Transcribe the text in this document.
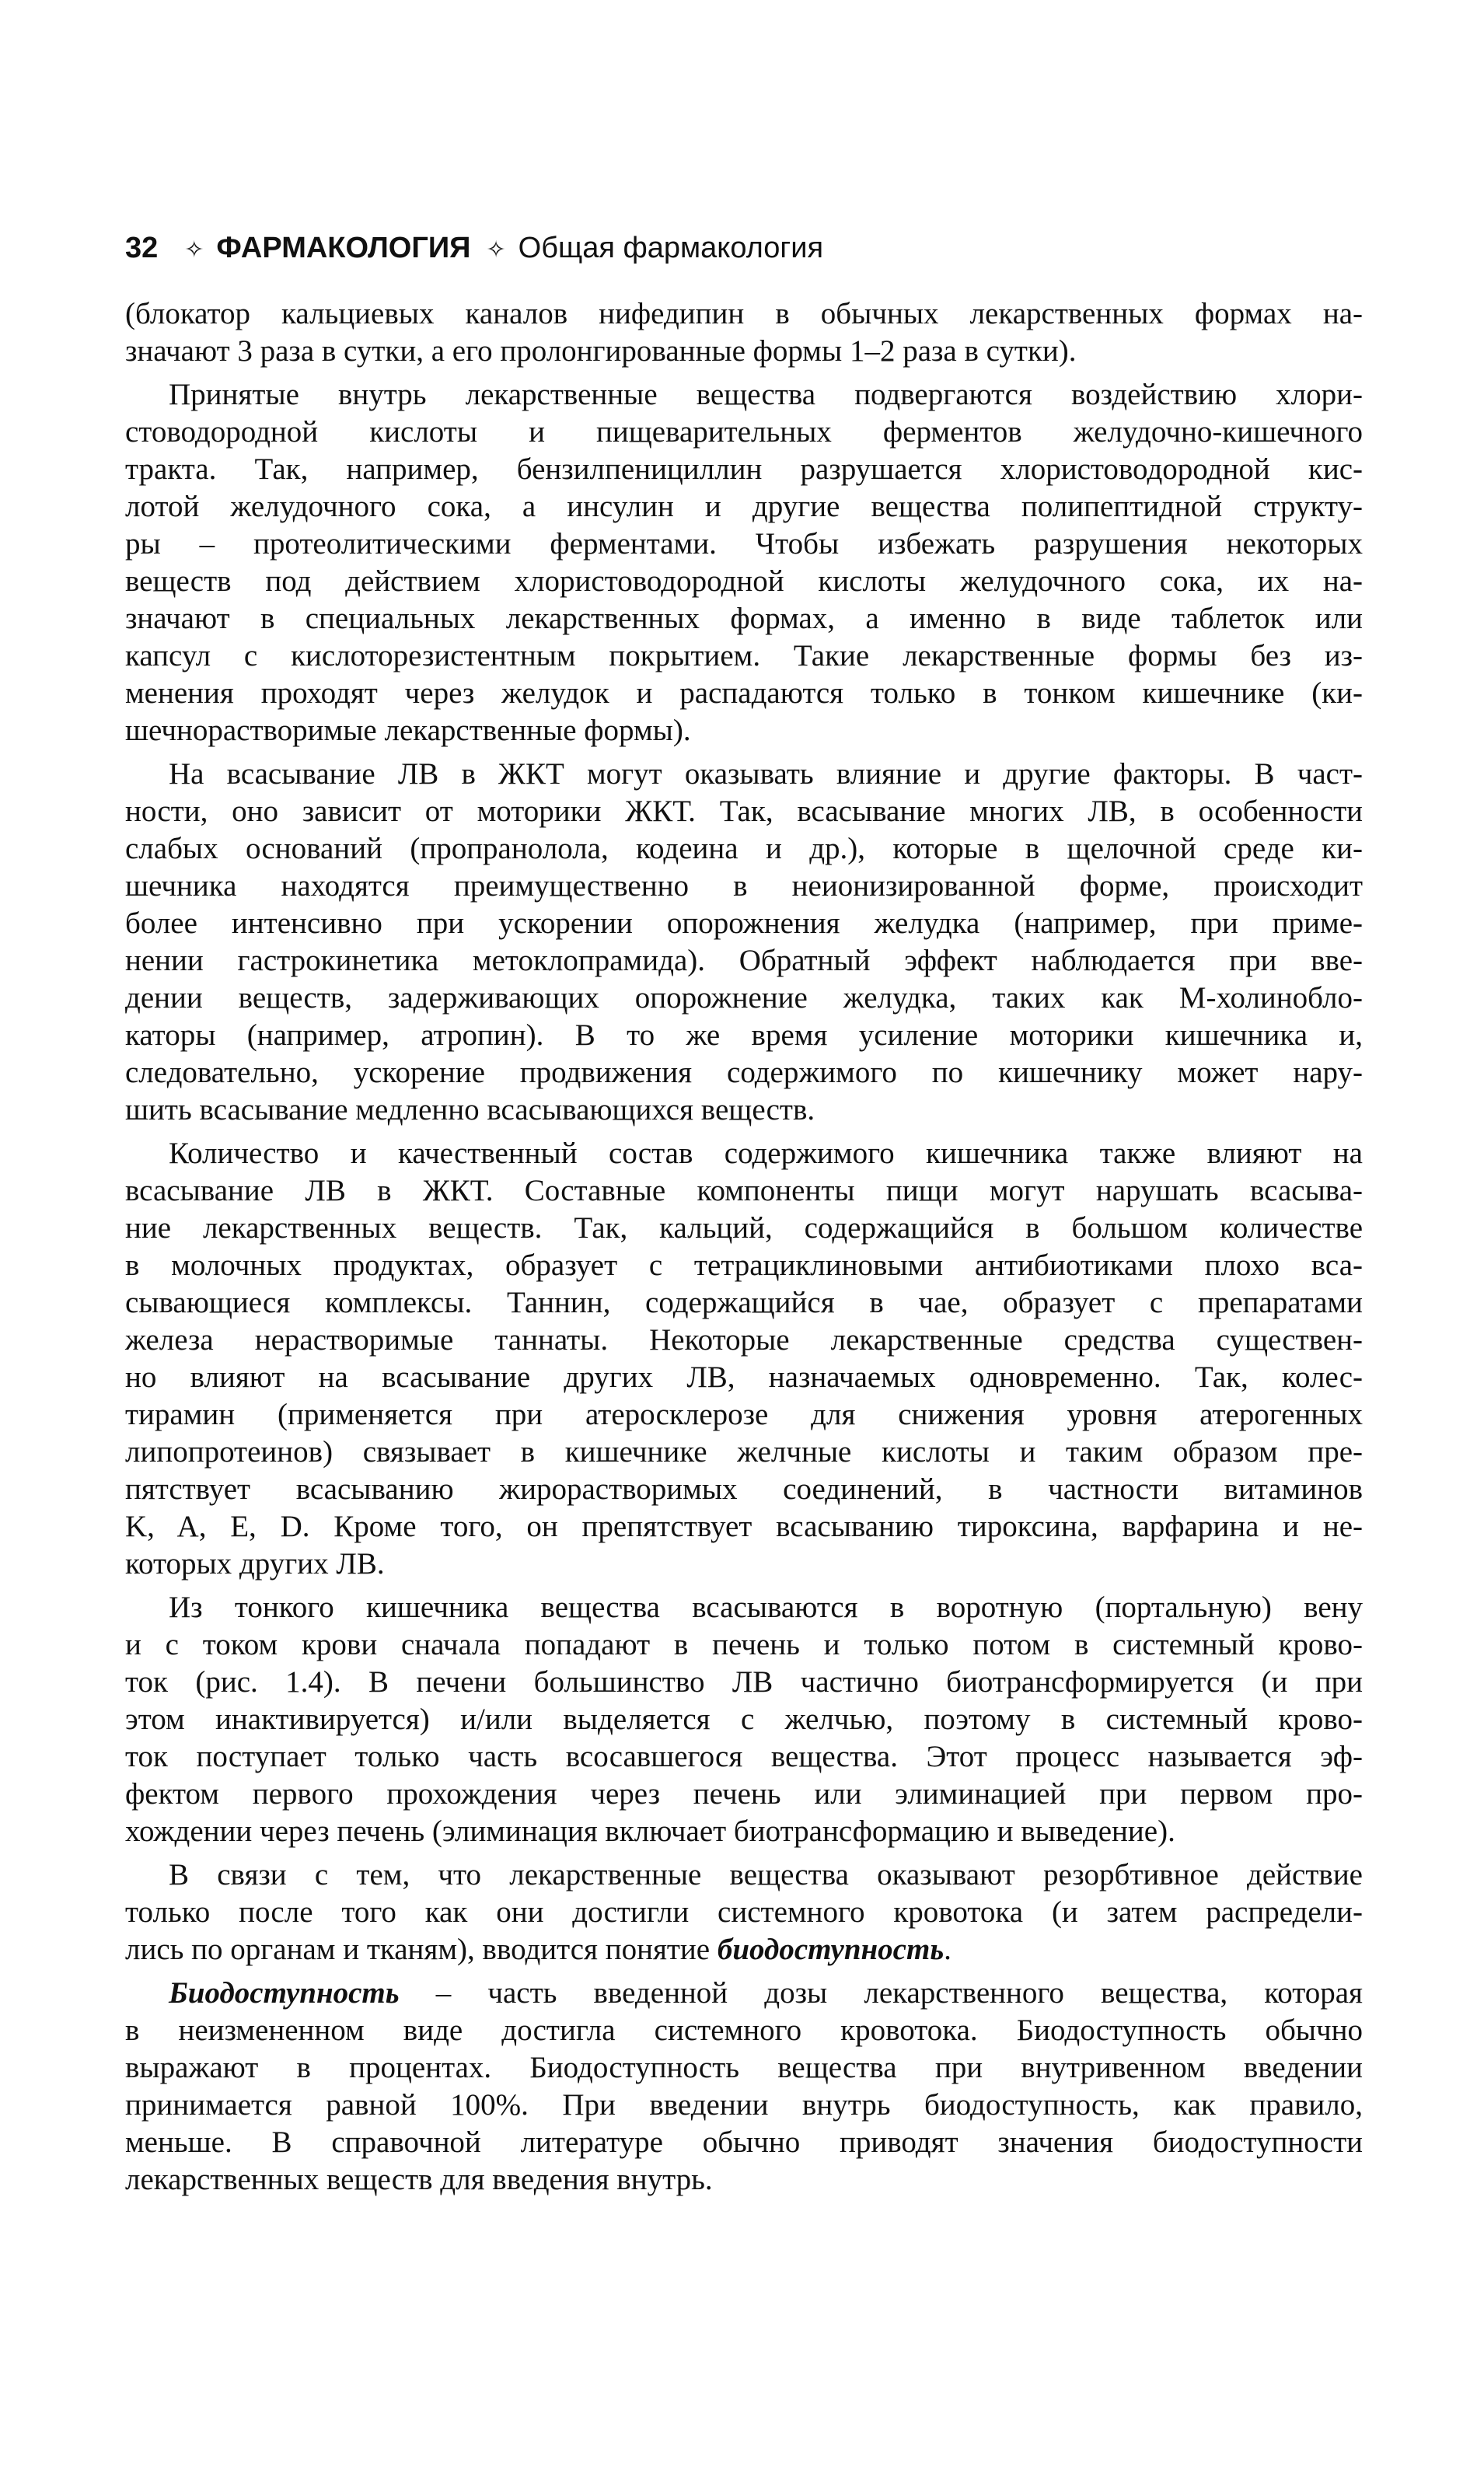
32 ✧ ФАРМАКОЛОГИЯ ✧ Общая фармакология
(блокатор кальциевых каналов нифедипин в обычных лекарственных формах на-
значают 3 раза в сутки, а его пролонгированные формы 1–2 раза в сутки).
Принятые внутрь лекарственные вещества подвергаются воздействию хлори-
стоводородной кислоты и пищеварительных ферментов желудочно-кишечного
тракта. Так, например, бензилпенициллин разрушается хлористоводородной кис-
лотой желудочного сока, а инсулин и другие вещества полипептидной структу-
ры – протеолитическими ферментами. Чтобы избежать разрушения некоторых
веществ под действием хлористоводородной кислоты желудочного сока, их на-
значают в специальных лекарственных формах, а именно в виде таблеток или
капсул с кислоторезистентным покрытием. Такие лекарственные формы без из-
менения проходят через желудок и распадаются только в тонком кишечнике (ки-
шечнорастворимые лекарственные формы).
На всасывание ЛВ в ЖКТ могут оказывать влияние и другие факторы. В част-
ности, оно зависит от моторики ЖКТ. Так, всасывание многих ЛВ, в особенности
слабых оснований (пропранолола, кодеина и др.), которые в щелочной среде ки-
шечника находятся преимущественно в неионизированной форме, происходит
более интенсивно при ускорении опорожнения желудка (например, при приме-
нении гастрокинетика метоклопрамида). Обратный эффект наблюдается при вве-
дении веществ, задерживающих опорожнение желудка, таких как М-холинобло-
каторы (например, атропин). В то же время усиление моторики кишечника и,
следовательно, ускорение продвижения содержимого по кишечнику может нару-
шить всасывание медленно всасывающихся веществ.
Количество и качественный состав содержимого кишечника также влияют на
всасывание ЛВ в ЖКТ. Составные компоненты пищи могут нарушать всасыва-
ние лекарственных веществ. Так, кальций, содержащийся в большом количестве
в молочных продуктах, образует с тетрациклиновыми антибиотиками плохо вса-
сывающиеся комплексы. Таннин, содержащийся в чае, образует с препаратами
железа нерастворимые таннаты. Некоторые лекарственные средства существен-
но влияют на всасывание других ЛВ, назначаемых одновременно. Так, колес-
тирамин (применяется при атеросклерозе для снижения уровня атерогенных
липопротеинов) связывает в кишечнике желчные кислоты и таким образом пре-
пятствует всасыванию жирорастворимых соединений, в частности витаминов
K, A, E, D. Кроме того, он препятствует всасыванию тироксина, варфарина и не-
которых других ЛВ.
Из тонкого кишечника вещества всасываются в воротную (портальную) вену
и с током крови сначала попадают в печень и только потом в системный крово-
ток (рис. 1.4). В печени большинство ЛВ частично биотрансформируется (и при
этом инактивируется) и/или выделяется с желчью, поэтому в системный крово-
ток поступает только часть всосавшегося вещества. Этот процесс называется эф-
фектом первого прохождения через печень или элиминацией при первом про-
хождении через печень (элиминация включает биотрансформацию и выведение).
В связи с тем, что лекарственные вещества оказывают резорбтивное действие
только после того как они достигли системного кровотока (и затем распредели-
лись по органам и тканям), вводится понятие биодоступность.
Биодоступность – часть введенной дозы лекарственного вещества, которая
в неизмененном виде достигла системного кровотока. Биодоступность обычно
выражают в процентах. Биодоступность вещества при внутривенном введении
принимается равной 100%. При введении внутрь биодоступность, как правило,
меньше. В справочной литературе обычно приводят значения биодоступности
лекарственных веществ для введения внутрь.
